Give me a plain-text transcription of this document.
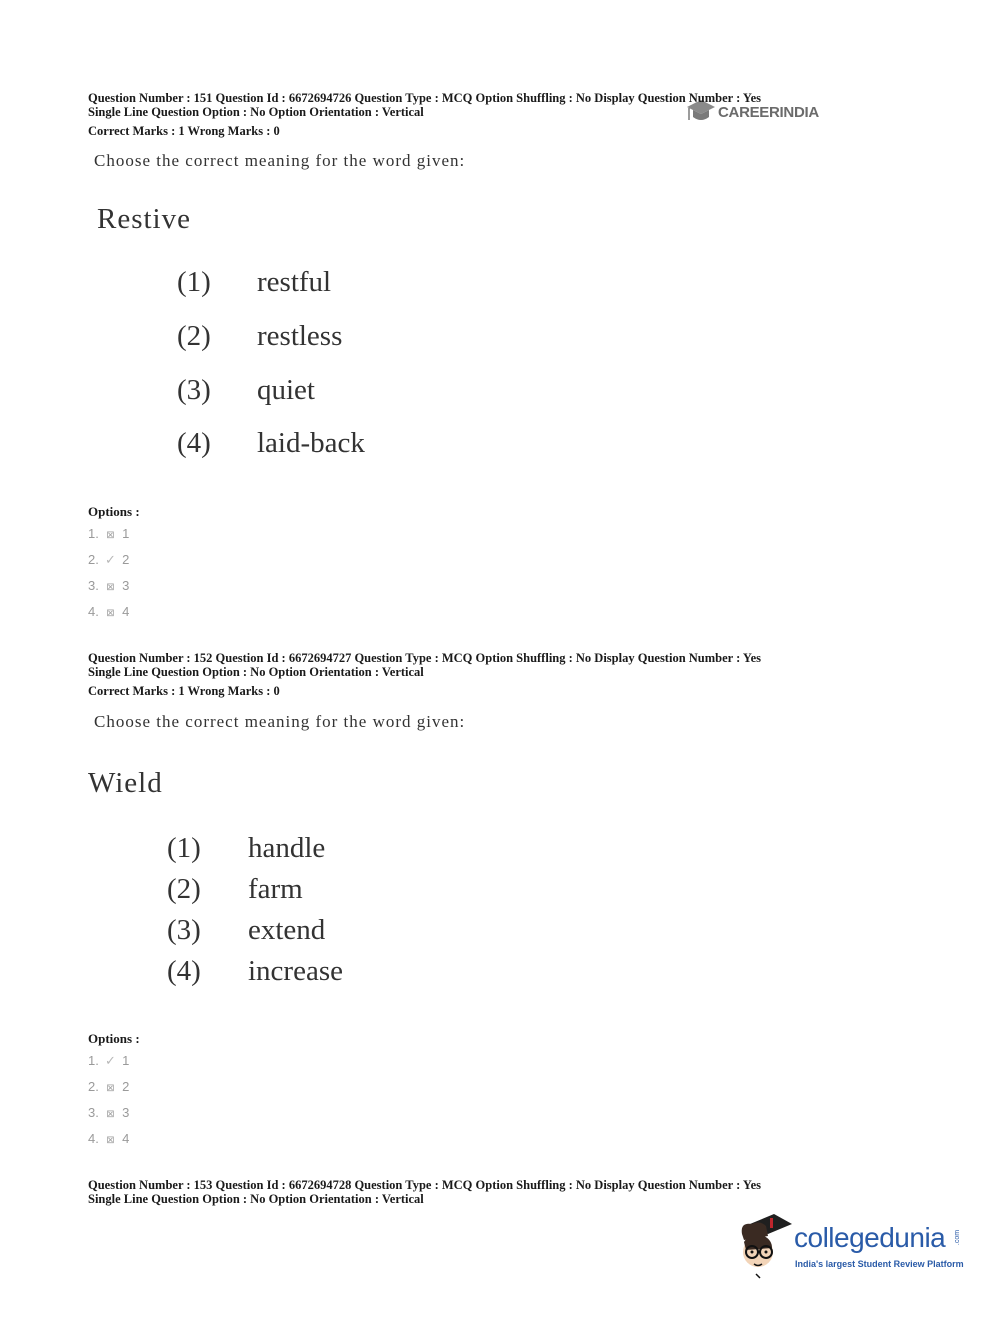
CAREERINDIA
Question Number : 151 Question Id : 6672694726 Question Type : MCQ Option Shuffling : No Display Question Number : Yes
Single Line Question Option : No Option Orientation : Vertical
Correct Marks : 1 Wrong Marks : 0
Choose the correct meaning for the word given:
Restive
(1) restful
(2) restless
(3) quiet
(4) laid-back
Options :
1. ⊠ 1
2. ✓ 2
3. ⊠ 3
4. ⊠ 4
Question Number : 152 Question Id : 6672694727 Question Type : MCQ Option Shuffling : No Display Question Number : Yes
Single Line Question Option : No Option Orientation : Vertical
Correct Marks : 1 Wrong Marks : 0
Choose the correct meaning for the word given:
Wield
(1) handle
(2) farm
(3) extend
(4) increase
Options :
1. ✓ 1
2. ⊠ 2
3. ⊠ 3
4. ⊠ 4
Question Number : 153 Question Id : 6672694728 Question Type : MCQ Option Shuffling : No Display Question Number : Yes
Single Line Question Option : No Option Orientation : Vertical
collegedunia .com
India's largest Student Review Platform
